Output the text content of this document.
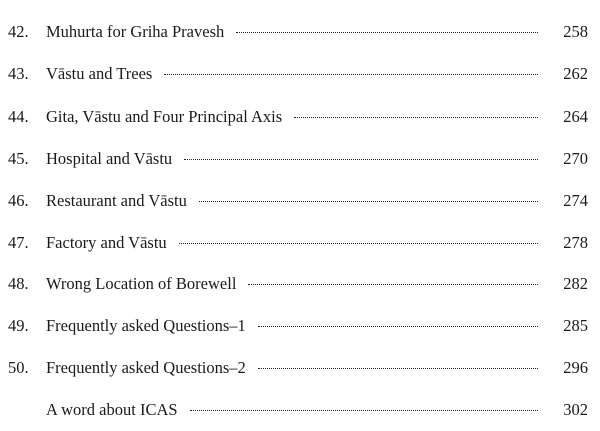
42.	Muhurta for Griha Pravesh	258
43.	Vāstu and Trees	262
44.	Gita, Vāstu and Four Principal Axis	264
45.	Hospital and Vāstu	270
46.	Restaurant and Vāstu	274
47.	Factory and Vāstu	278
48.	Wrong Location of Borewell	282
49.	Frequently asked Questions–1	285
50.	Frequently asked Questions–2	296
A word about ICAS	302
